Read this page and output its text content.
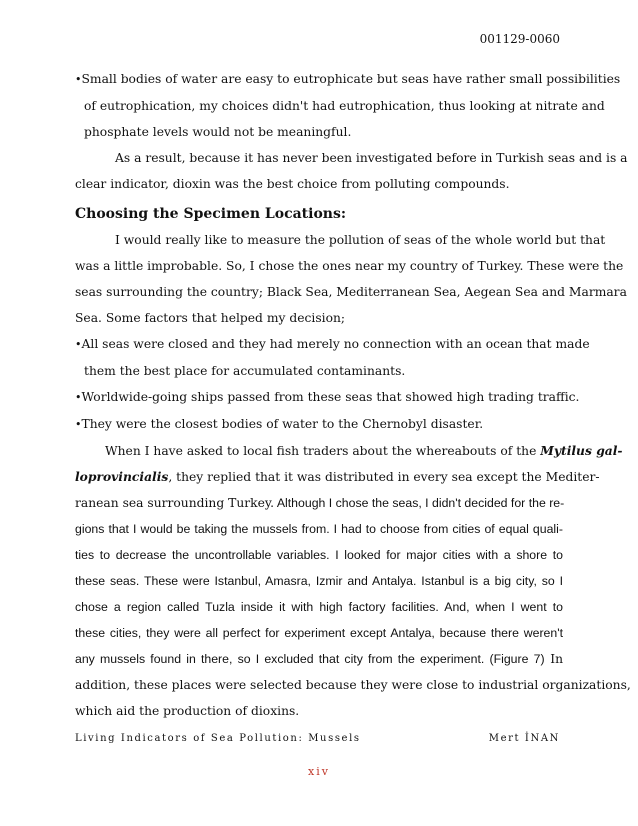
001129-0060
•Small bodies of water are easy to eutrophicate but seas have rather small possibilities
of eutrophication, my choices didn't had eutrophication, thus looking at nitrate and
phosphate levels would not be meaningful.
As a result, because it has never been investigated before in Turkish seas and is a
clear indicator, dioxin was the best choice from polluting compounds.
Choosing the Specimen Locations:
I would really like to measure the pollution of seas of the whole world but that
was a little improbable. So, I chose the ones near my country of Turkey. These were the
seas surrounding the country; Black Sea, Mediterranean Sea, Aegean Sea and Marmara
Sea. Some factors that helped my decision;
•All seas were closed and they had merely no connection with an ocean that made
them the best place for accumulated contaminants.
•Worldwide-going ships passed from these seas that showed high trading traffic.
•They were the closest bodies of water to the Chernobyl disaster.
When I have asked to local fish traders about the whereabouts of the Mytilus gal-
loprovincialis, they replied that it was distributed in every sea except the Mediter-
ranean sea surrounding Turkey. Although I chose the seas, I didn't decided for the re-
gions that I would be taking the mussels from. I had to choose from cities of equal quali-
ties to decrease the uncontrollable variables. I looked for major cities with a shore to
these seas. These were Istanbul, Amasra, Izmir and Antalya. Istanbul is a big city, so I
chose a region called Tuzla inside it with high factory facilities. And, when I went to
these cities, they were all perfect for experiment except Antalya, because there weren't
any mussels found in there, so I excluded that city from the experiment. (Figure 7) In
addition, these places were selected because they were close to industrial organizations,
which aid the production of dioxins.
Living Indicators of Sea Pollution: Mussels	Mert İNAN
xiv
